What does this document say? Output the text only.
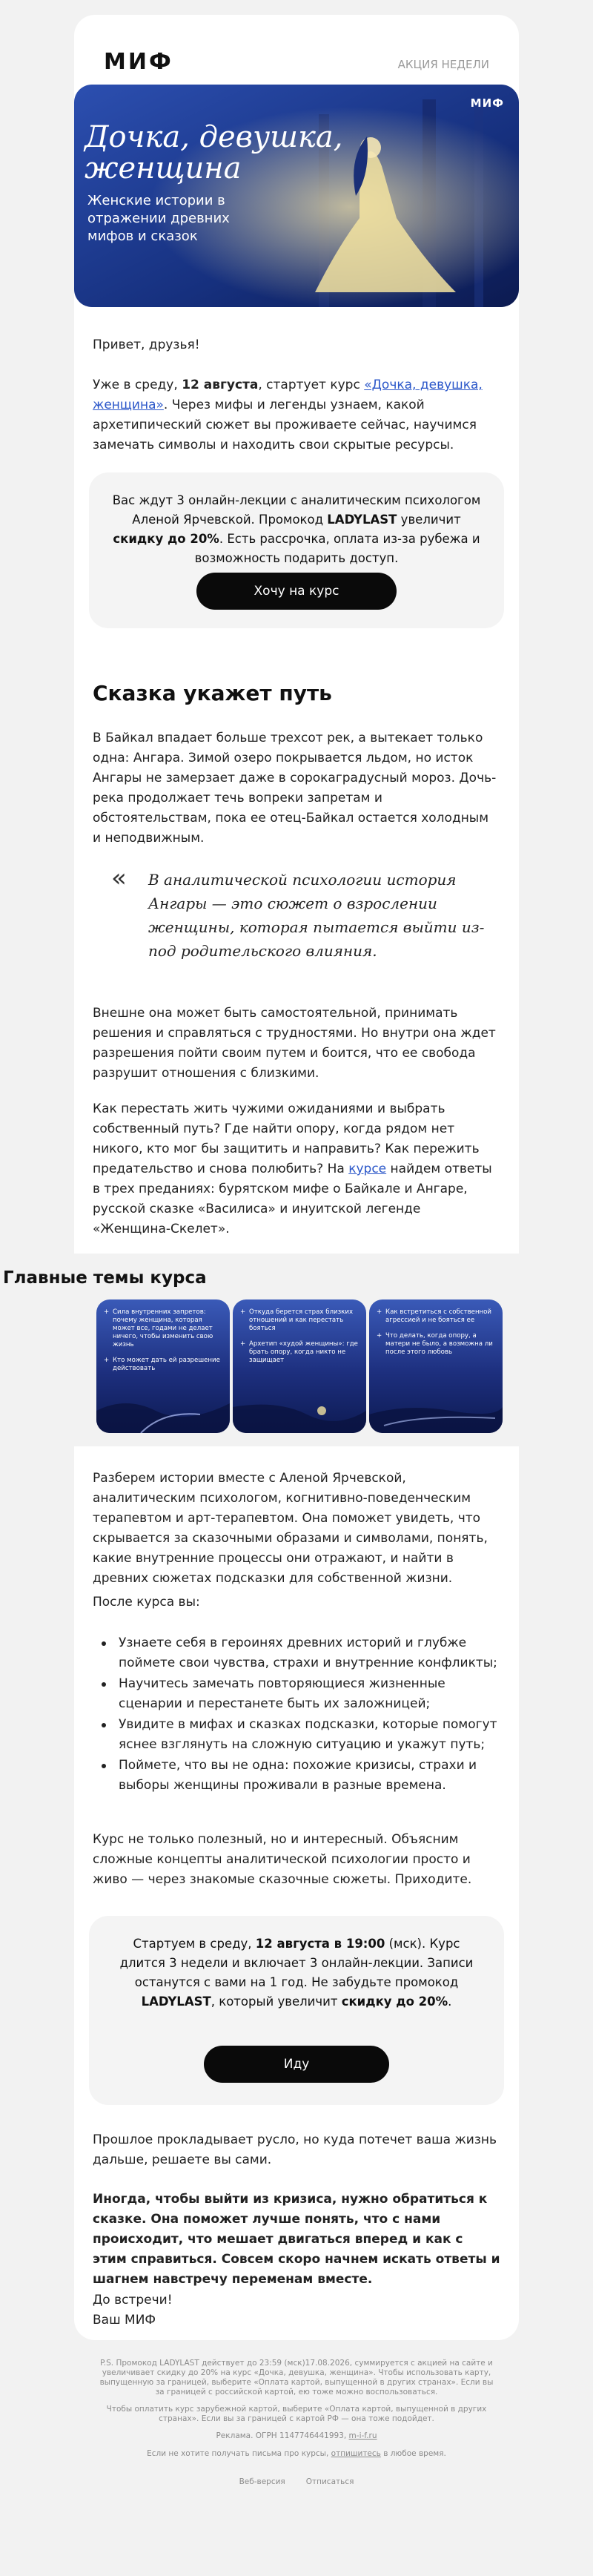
МИФ	АКЦИЯ НЕДЕЛИ
МИФ
Дочка, девушка,
женщина
Женские истории в отражении древних мифов и сказок

Привет, друзья!

Уже в среду, 12 августа, стартует курс «Дочка, девушка, женщина». Через мифы и легенды узнаем, какой архетипический сюжет вы проживаете сейчас, научимся замечать символы и находить свои скрытые ресурсы.

Вас ждут 3 онлайн-лекции с аналитическим психологом Аленой Ярчевской. Промокод LADYLAST увеличит скидку до 20%. Есть рассрочка, оплата из-за рубежа и возможность подарить доступ.
Хочу на курс
Сказка укажет путь

В Байкал впадает больше трехсот рек, а вытекает только одна: Ангара. Зимой озеро покрывается льдом, но исток Ангары не замерзает даже в сорокаградусный мороз. Дочь-река продолжает течь вопреки запретам и обстоятельствам, пока ее отец-Байкал остается холодным и неподвижным.

« В аналитической психологии история Ангары — это сюжет о взрослении женщины, которая пытается выйти из-под родительского влияния.

Внешне она может быть самостоятельной, принимать решения и справляться с трудностями. Но внутри она ждет разрешения пойти своим путем и боится, что ее свобода разрушит отношения с близкими.

Как перестать жить чужими ожиданиями и выбрать собственный путь? Где найти опору, когда рядом нет никого, кто мог бы защитить и направить? Как пережить предательство и снова полюбить? На курсе найдем ответы в трех преданиях: бурятском мифе о Байкале и Ангаре, русской сказке «Василиса» и инуитской легенде «Женщина-Скелет».

Разберем истории вместе с Аленой Ярчевской, аналитическим психологом, когнитивно-поведенческим терапевтом и арт-терапевтом. Она поможет увидеть, что скрывается за сказочными образами и символами, понять, какие внутренние процессы они отражают, и найти в древних сюжетах подсказки для собственной жизни.

После курса вы:

Узнаете себя в героинях древних историй и глубже поймете свои чувства, страхи и внутренние конфликты;
Научитесь замечать повторяющиеся жизненные сценарии и перестанете быть их заложницей;
Увидите в мифах и сказках подсказки, которые помогут яснее взглянуть на сложную ситуацию и укажут путь;
Поймете, что вы не одна: похожие кризисы, страхи и выборы женщины проживали в разные времена.

Курс не только полезный, но и интересный. Объясним сложные концепты аналитической психологии просто и живо — через знакомые сказочные сюжеты. Приходите.

Стартуем в среду, 12 августа в 19:00 (мск). Курс длится 3 недели и включает 3 онлайн-лекции. Записи останутся с вами на 1 год. Не забудьте промокод LADYLAST, который увеличит скидку до 20%.
Иду

Прошлое прокладывает русло, но куда потечет ваша жизнь дальше, решаете вы сами.

Иногда, чтобы выйти из кризиса, нужно обратиться к сказке. Она поможет лучше понять, что с нами происходит, что мешает двигаться вперед и как с этим справиться. Совсем скоро начнем искать ответы и шагнем навстречу переменам вместе.

До встречи!

Ваш МИФ

Главные темы курса
+ Сила внутренних запретов: почему женщина, которая может все, годами не делает ничего, чтобы изменить свою жизнь
+ Кто может дать ей разрешение действовать
+ Откуда берется страх близких отношений и как перестать бояться
+ Архетип «худой женщины»: где брать опору, когда никто не защищает
+ Как встретиться с собственной агрессией и не бояться ее
+ Что делать, когда опору, а матери не было, а возможна ли после этого любовь

P.S. Промокод LADYLAST действует до 23:59 (мск)17.08.2026, суммируется с акцией на сайте и увеличивает скидку до 20% на курс «Дочка, девушка, женщина». Чтобы использовать карту, выпущенную за границей, выберите «Оплата картой, выпущенной в других странах». Если вы за границей с российской картой, ею тоже можно воспользоваться.

Чтобы оплатить курс зарубежной картой, выберите «Оплата картой, выпущенной в других странах». Если вы за границей с картой РФ — она тоже подойдет.

Реклама. ОГРН 1147746441993, m-i-f.ru

Если не хотите получать письма про курсы, отпишитесь в любое время.

Веб-версия	Отписаться
